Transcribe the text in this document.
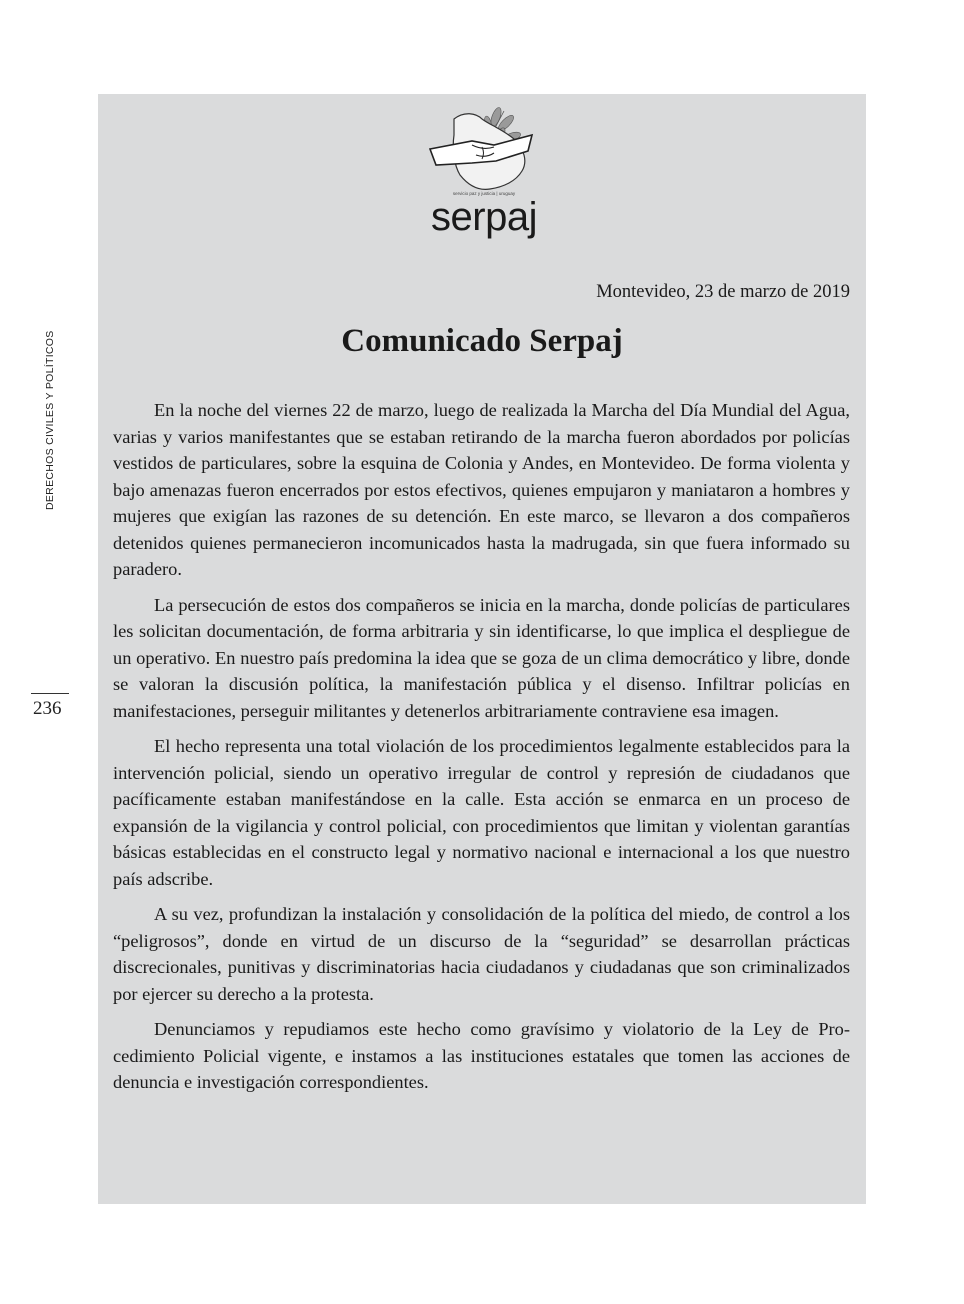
DERECHOS CIVILES Y POLÍTICOS
236
servicio paz y justicia | uruguay
serpaj
Montevideo, 23 de marzo de 2019
Comunicado Serpaj

En la noche del viernes 22 de marzo, luego de realizada la Marcha del Día Mundial del Agua, varias y varios manifestantes que se estaban retirando de la marcha fueron abordados por policías vestidos de particulares, sobre la esquina de Colonia y Andes, en Montevideo. De forma violenta y bajo amenazas fueron encerrados por estos efectivos, quienes empujaron y maniataron a hombres y mujeres que exigían las razones de su detención. En este marco, se llevaron a dos compañeros detenidos quienes permanecieron incomunicados hasta la madrugada, sin que fuera informado su paradero.

La persecución de estos dos compañeros se inicia en la marcha, donde policías de particulares les solicitan documentación, de forma arbitraria y sin identificarse, lo que implica el despliegue de un operativo. En nuestro país predomina la idea que se goza de un clima democrático y libre, donde se valoran la discusión política, la manifestación pública y el disenso. Infiltrar policías en manifestaciones, perseguir militantes y detenerlos arbitrariamente contraviene esa imagen.

El hecho representa una total violación de los procedimientos legalmente establecidos para la intervención policial, siendo un operativo irregular de control y represión de ciudadanos que pacíficamente estaban manifestándose en la calle. Esta acción se enmarca en un proceso de expansión de la vigilancia y control policial, con procedimientos que limitan y violentan garantías básicas establecidas en el constructo legal y normativo nacional e internacional a los que nuestro país adscribe.

A su vez, profundizan la instalación y consolidación de la política del miedo, de control a los “peligrosos”, donde en virtud de un discurso de la “seguridad” se desarrollan prácticas discrecionales, punitivas y discriminatorias hacia ciudadanos y ciudadanas que son criminalizados por ejercer su derecho a la protesta.

Denunciamos y repudiamos este hecho como gravísimo y violatorio de la Ley de Procedimiento Policial vigente, e instamos a las instituciones estatales que tomen las acciones de denuncia e investigación correspondientes.
